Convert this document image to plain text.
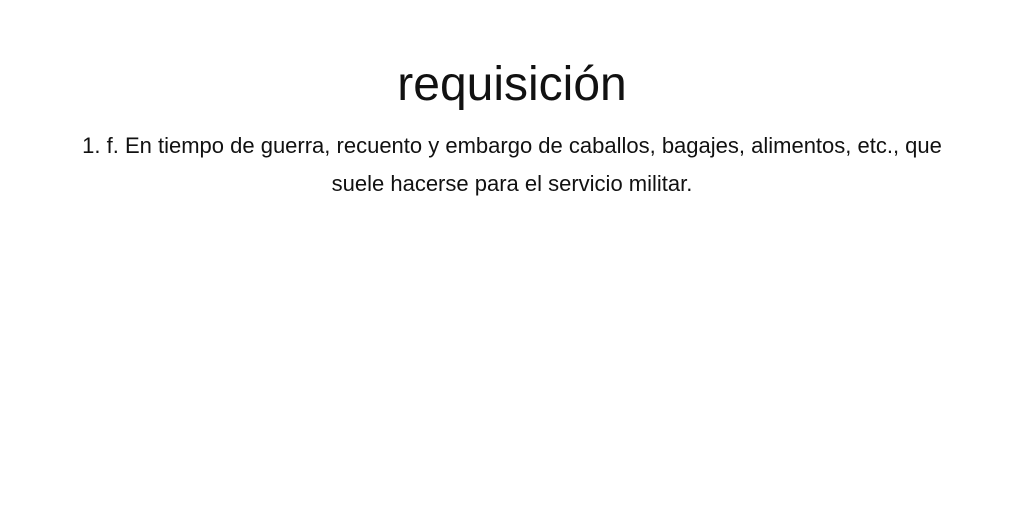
requisición

1. f. En tiempo de guerra, recuento y embargo de caballos, bagajes, alimentos, etc., que suele hacerse para el servicio militar.
